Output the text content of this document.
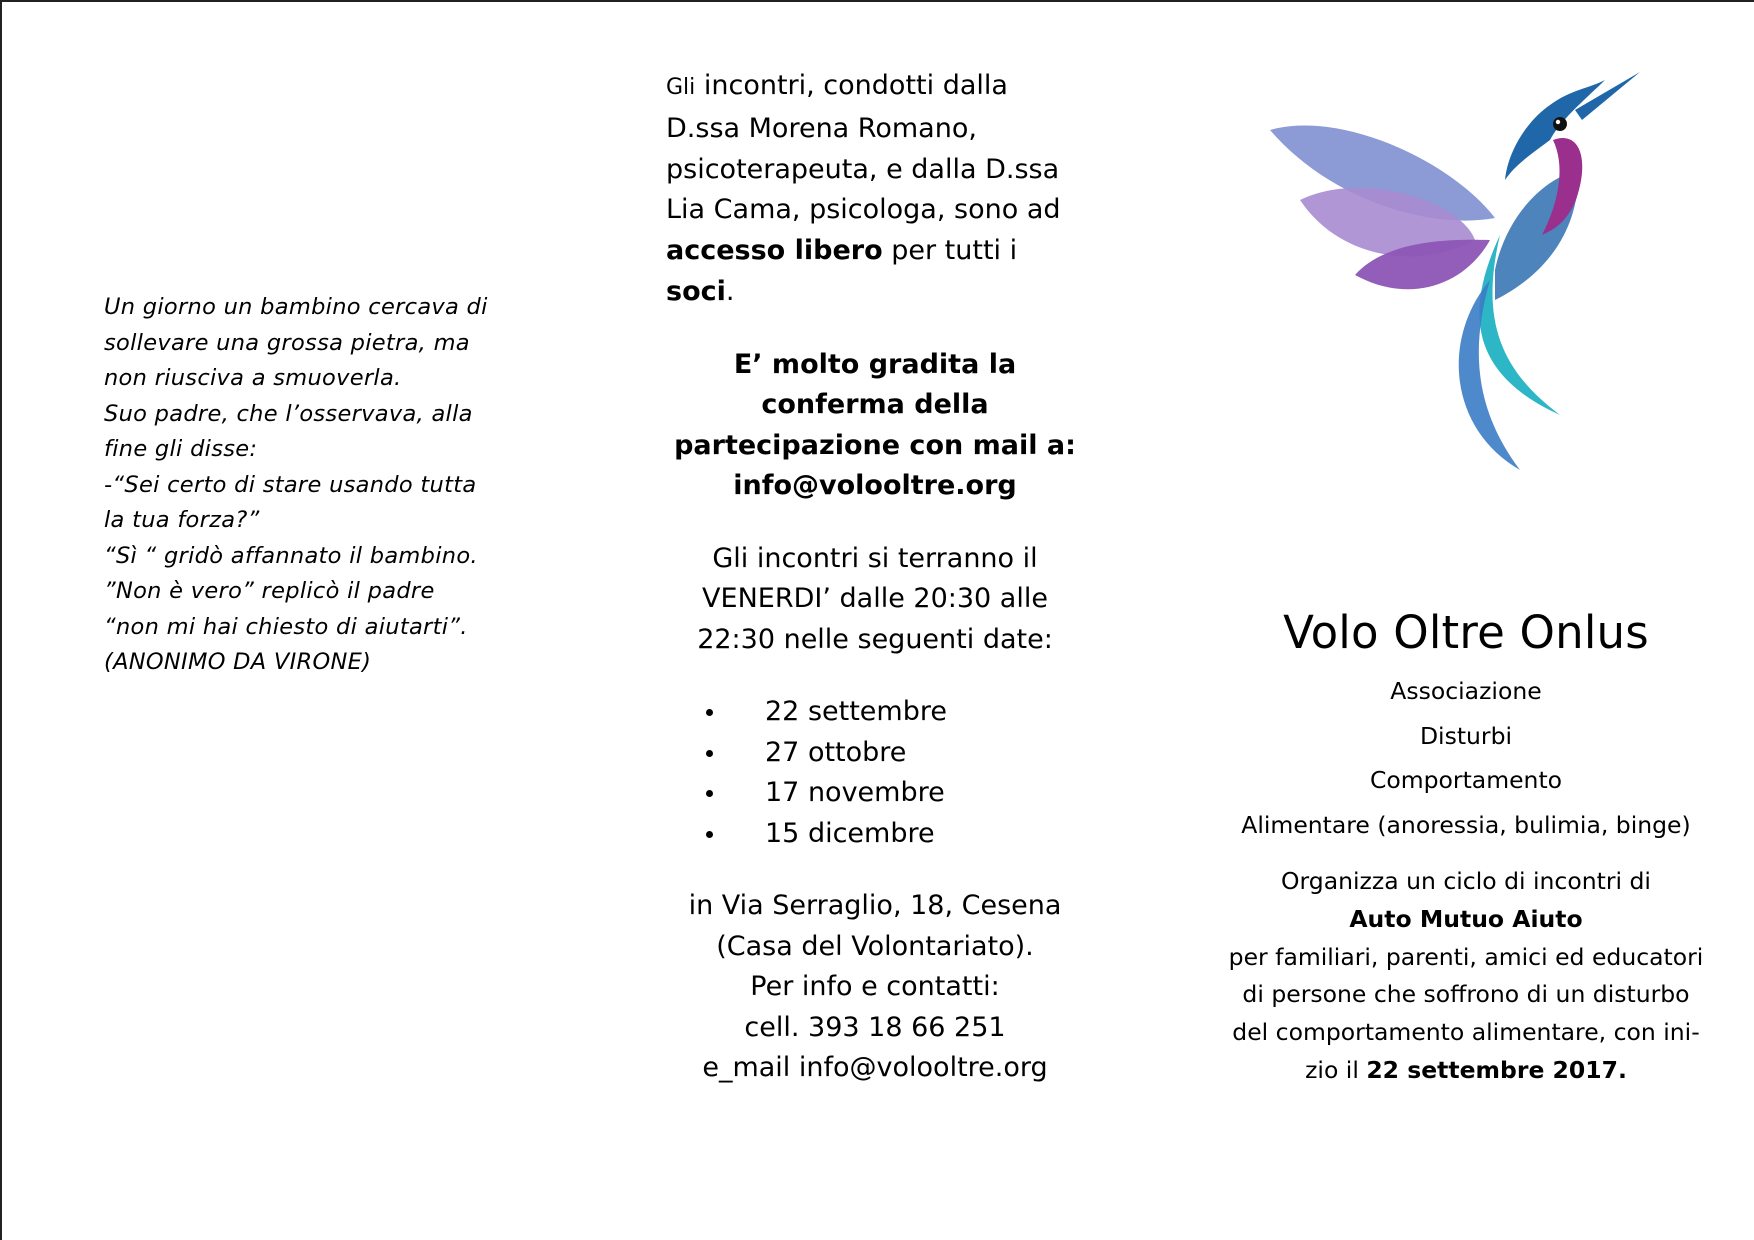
Un giorno un bambino cercava di

sollevare una grossa pietra, ma

non riusciva a smuoverla.

Suo padre, che l’osservava, alla

fine gli disse:

-“Sei certo di stare usando tutta

la tua forza?”

“Sì “ gridò affannato il bambino.

”Non è vero” replicò il padre

“non mi hai chiesto di aiutarti”.

(ANONIMO DA VIRONE)

Gli incontri, condotti dalla

D.ssa Morena Romano,

psicoterapeuta, e dalla D.ssa

Lia Cama, psicologa, sono ad

accesso libero per tutti i

soci.

E’ molto gradita la

conferma della

partecipazione con mail a:

info@volooltre.org

Gli incontri si terranno il

VENERDI’ dalle 20:30 alle

22:30 nelle seguenti date:

22 settembre
27 ottobre
17 novembre
15 dicembre

in Via Serraglio, 18, Cesena

(Casa del Volontariato).

Per info e contatti:

cell. 393 18 66 251

e_mail info@volooltre.org

Volo Oltre Onlus

Associazione

Disturbi

Comportamento

Alimentare (anoressia, bulimia, binge)

Organizza un ciclo di incontri di

Auto Mutuo Aiuto

per familiari, parenti, amici ed educatori

di persone che soffrono di un disturbo

del comportamento alimentare, con ini-

zio il 22 settembre 2017.
